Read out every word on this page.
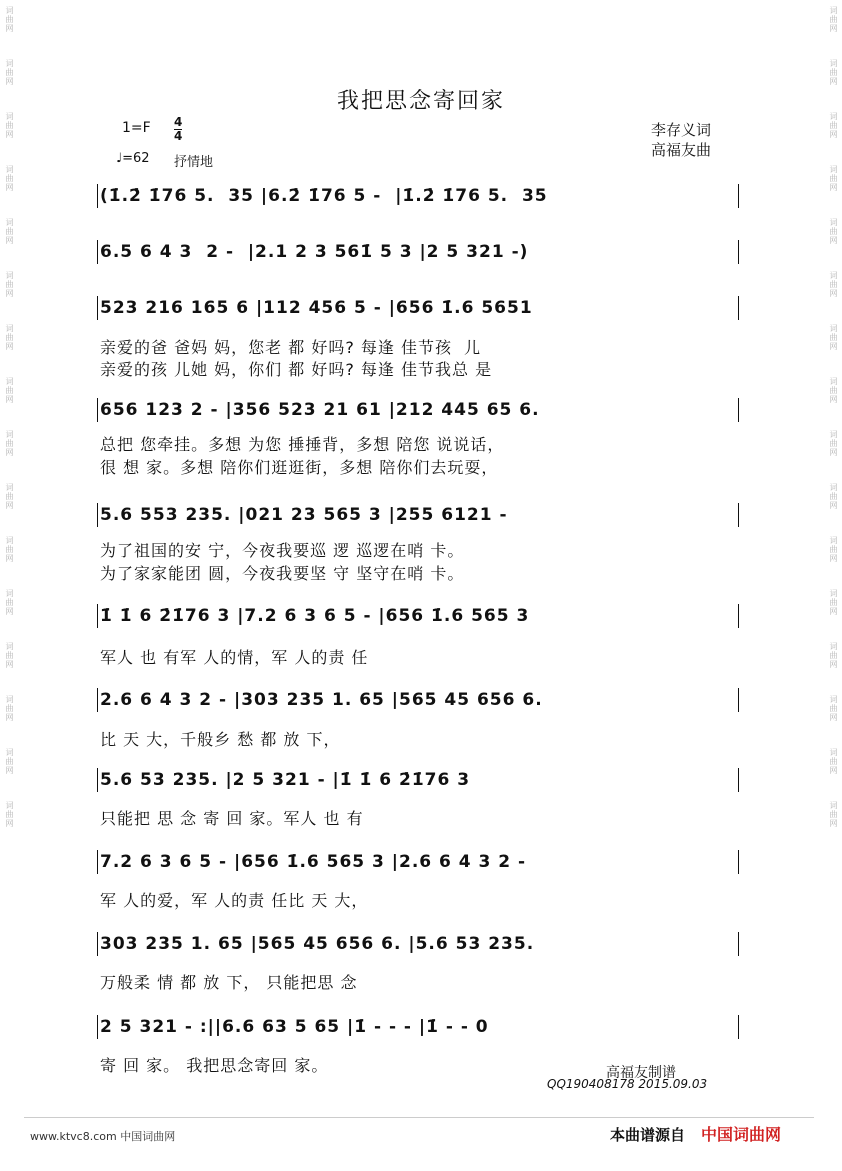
词曲网
词曲网
词曲网
词曲网
词曲网
词曲网
词曲网
词曲网
词曲网
词曲网
词曲网
词曲网
词曲网
词曲网
词曲网
词曲网
词曲网
词曲网
词曲网
词曲网
词曲网
词曲网
词曲网
词曲网
词曲网
词曲网
词曲网
词曲网
词曲网
词曲网
词曲网
词曲网
我把思念寄回家
$1=F \frac{4}{4}$
♩=62 抒情地
李存义词
高福友曲
(1̇.2̇ 1̇76 5.  35 |6.2̇ 1̇76 5 -  |1̇.2̇ 1̇76 5.  35
6.5 6 4 3  2 -  |2.1 2 3 561̇ 5 3 |2 5 321 -)
523 216 165 6 |112 456 5 - |656 1̇.6 5651
亲爱的爸 爸妈 妈，您老 都 好吗? 每逢 佳节孩  儿
亲爱的孩 儿她 妈，你们 都 好吗? 每逢 佳节我总 是
656 123 2 - |356 523 21 61 |212 445 65 6.
总把 您牵挂。多想 为您 捶捶背，多想 陪您 说说话，
很 想 家。多想 陪你们逛逛街，多想 陪你们去玩耍，
5.6 553 235. |021 23 565 3 |255 6121 -
为了祖国的安 宁，今夜我要巡 逻 巡逻在哨 卡。
为了家家能团 圆，今夜我要坚 守 坚守在哨 卡。
1̇ 1̇ 6 2̇1̇76 3 |7.2 6 3 6 5 - |656 1̇.6 565 3
军人 也 有军 人的情，军 人的责 任
2.6 6 4 3 2 - |303 235 1. 65 |565 45 656 6.
比 天 大，千般乡 愁 都 放 下，
5.6 53 235. |2 5 321 - |1̇ 1̇ 6 2̇1̇76 3
只能把 思 念 寄 回 家。军人 也 有
7.2 6 3 6 5 - |656 1̇.6 565 3 |2.6 6 4 3 2 -
军 人的爱，军 人的责 任比 天 大，
303 235 1. 65 |565 45 656 6. |5.6 53 235.
万般柔 情 都 放 下， 只能把思 念
2 5 321 - :||6.6 63 5 65 |1̇ - - - |1̇ - - 0
寄 回 家。 我把思念寄回 家。	高福友制谱
QQ190408178 2015.09.03
www.ktvc8.com 中国词曲网	本曲谱源自 中国词曲网
